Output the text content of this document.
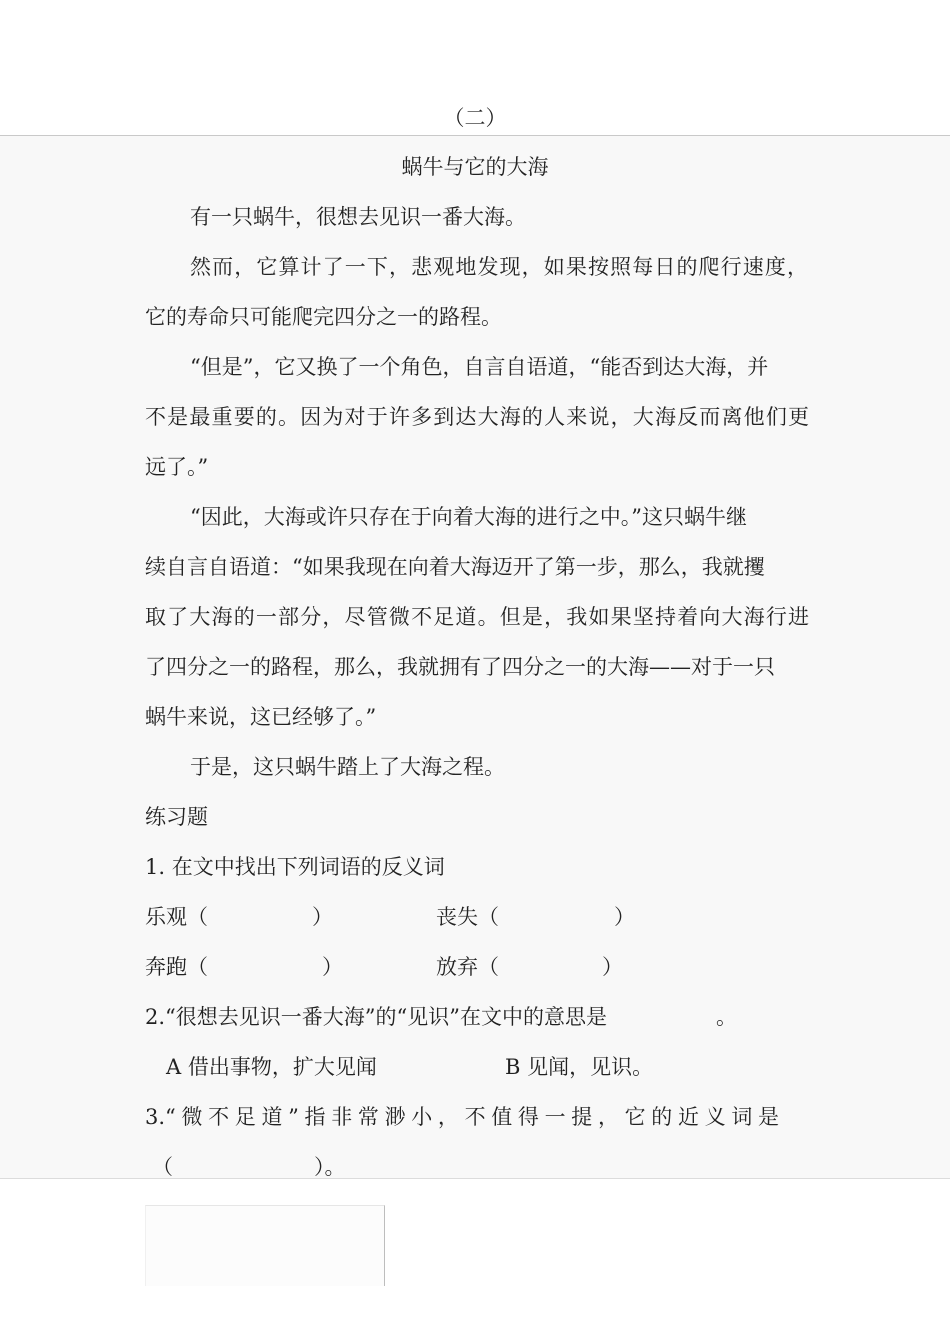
（二）
蜗牛与它的大海
有一只蜗牛，很想去见识一番大海。
然而，它算计了一下，悲观地发现，如果按照每日的爬行速度，
它的寿命只可能爬完四分之一的路程。
“但是”，它又换了一个角色，自言自语道，“能否到达大海，并
不是最重要的。因为对于许多到达大海的人来说，大海反而离他们更
远了。”
“因此，大海或许只存在于向着大海的进行之中。”这只蜗牛继
续自言自语道：“如果我现在向着大海迈开了第一步，那么，我就攫
取了大海的一部分，尽管微不足道。但是，我如果坚持着向大海行进
了四分之一的路程，那么，我就拥有了四分之一的大海——对于一只
蜗牛来说，这已经够了。”
于是，这只蜗牛踏上了大海之程。
练习题
1. 在文中找出下列词语的反义词
乐观（	）	丧失（	）
奔跑（	）	放弃（	）
2.“很想去见识一番大海”的“见识”在文中的意思是	。
A 借出事物，扩大见闻	B 见闻，见识。
3.“微不足道”指非常渺小，不值得一提，它的近义词是
（	）。
